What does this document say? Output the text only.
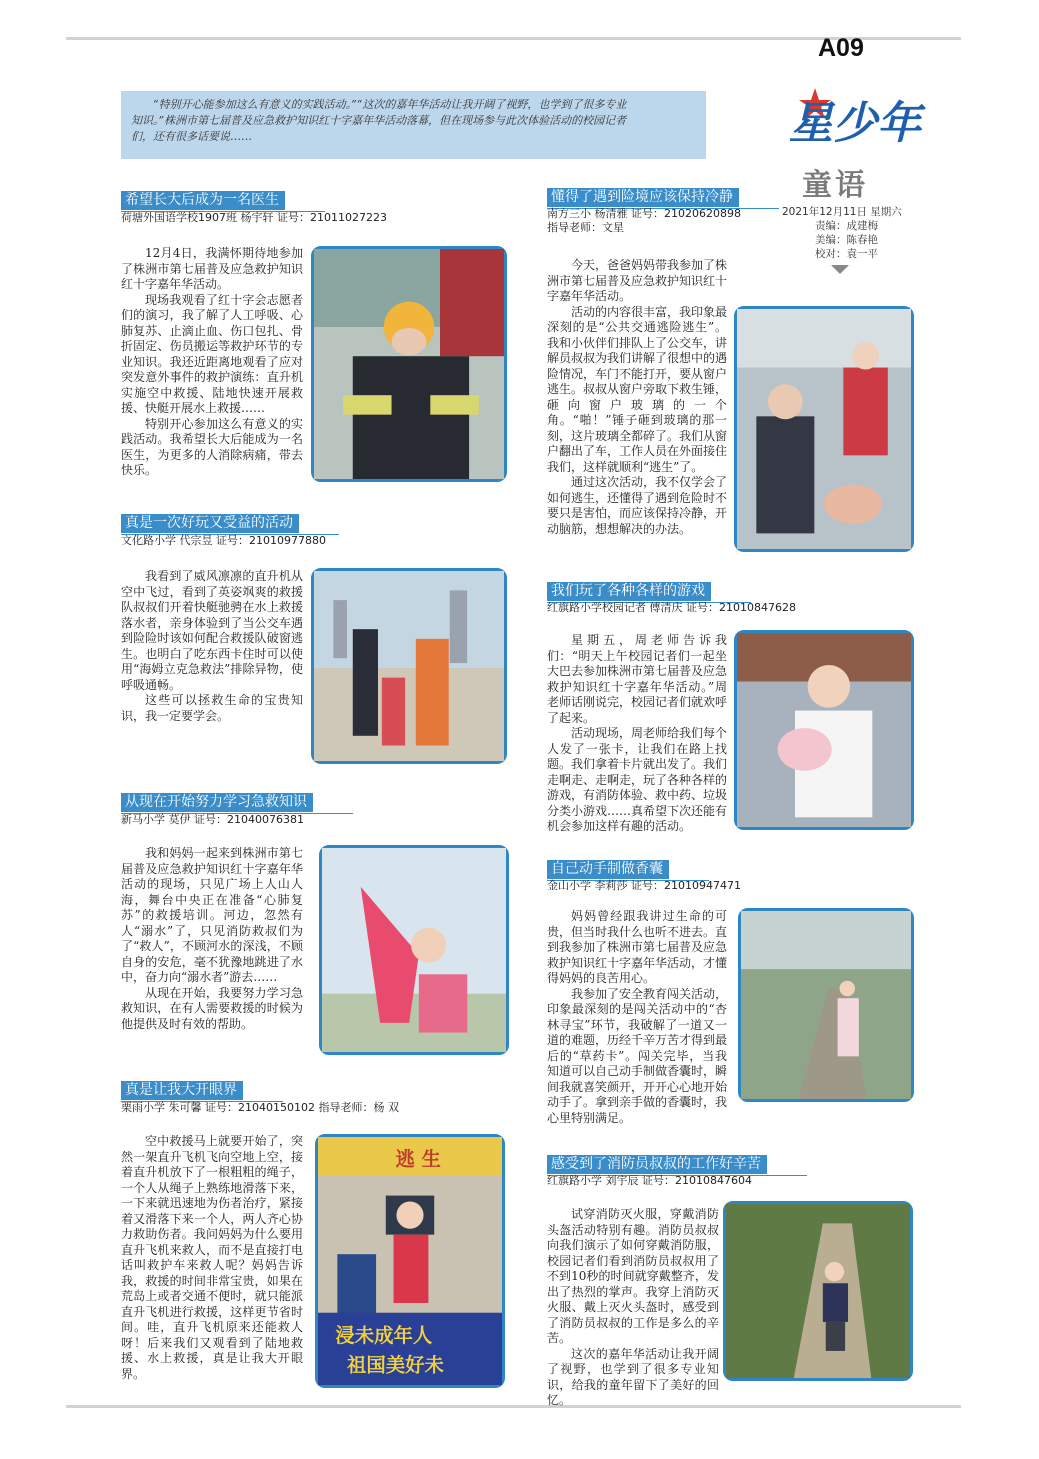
A09
星少年
童语
2021年12月11日 星期六
责编：成建梅
美编：陈春艳
校对：袁一平
“特别开心能参加这么有意义的实践活动。”“这次的嘉年华活动让我开阔了视野，也学到了很多专业
知识。”株洲市第七届普及应急救护知识红十字嘉年华活动落幕，但在现场参与此次体验活动的校园记者
们，还有很多话要说……
希望长大后成为一名医生
荷塘外国语学校1907班 杨宇轩 证号：21011027223

12月4日，我满怀期待地参加了株洲市第七届普及应急救护知识红十字嘉年华活动。

现场我观看了红十字会志愿者们的演习，我了解了人工呼吸、心肺复苏、止滴止血、伤口包扎、骨折固定、伤员搬运等救护环节的专业知识。我还近距离地观看了应对突发意外事件的救护演练：直升机实施空中救援、陆地快速开展救援、快艇开展水上救援……

特别开心参加这么有意义的实践活动。我希望长大后能成为一名医生，为更多的人消除病痛，带去快乐。

真是一次好玩又受益的活动
文化路小学 代宗昱 证号：21010977880

我看到了威风凛凛的直升机从空中飞过，看到了英姿飒爽的救援队叔叔们开着快艇驰骋在水上救援落水者，亲身体验到了当公交车遇到险险时该如何配合救援队破窗逃生。也明白了吃东西卡住时可以使用“海姆立克急救法”排除异物，使呼吸通畅。

这些可以拯救生命的宝贵知识，我一定要学会。

从现在开始努力学习急救知识
新马小学 莫伊 证号：21040076381

我和妈妈一起来到株洲市第七届普及应急救护知识红十字嘉年华活动的现场，只见广场上人山人海，舞台中央正在准备“心肺复苏”的救援培训。河边，忽然有人“溺水”了，只见消防救叔们为了“救人”，不顾河水的深浅，不顾自身的安危，毫不犹豫地跳进了水中，奋力向“溺水者”游去……

从现在开始，我要努力学习急救知识，在有人需要救援的时候为他提供及时有效的帮助。

真是让我大开眼界
栗雨小学 朱可馨 证号：21040150102 指导老师：杨 双

空中救援马上就要开始了，突然一架直升飞机飞向空地上空，接着直升机放下了一根粗粗的绳子，一个人从绳子上熟练地滑落下来，一下来就迅速地为伤者治疗，紧接着又滑落下来一个人，两人齐心协力救助伤者。我问妈妈为什么要用直升飞机来救人，而不是直接打电话叫救护车来救人呢？妈妈告诉我，救援的时间非常宝贵，如果在荒岛上或者交通不便时，就只能派直升飞机进行救援，这样更节省时间。哇，直升飞机原来还能救人呀！后来我们又观看到了陆地救援、水上救援，真是让我大开眼界。

逃 生
浸未成年人
祖国美好未
懂得了遇到险境应该保持冷静
南方三小 杨清雅 证号：21020620898
指导老师：文星

今天，爸爸妈妈带我参加了株洲市第七届普及应急救护知识红十字嘉年华活动。

活动的内容很丰富，我印象最深刻的是“公共交通逃险逃生”。我和小伙伴们排队上了公交车，讲解员叔叔为我们讲解了很想中的遇险情况，车门不能打开，要从窗户逃生。叔叔从窗户旁取下救生锤，砸向窗户玻璃的一个角。“啪！”锤子砸到玻璃的那一刻，这片玻璃全都碎了。我们从窗户翻出了车，工作人员在外面接住我们，这样就顺利“逃生”了。

通过这次活动，我不仅学会了如何逃生，还懂得了遇到危险时不要只是害怕，而应该保持冷静，开动脑筋，想想解决的办法。

我们玩了各种各样的游戏
红旗路小学校园记者 傅清庆 证号：21010847628

星期五，周老师告诉我们：“明天上午校园记者们一起坐大巴去参加株洲市第七届普及应急救护知识红十字嘉年华活动。”周老师话刚说完，校园记者们就欢呼了起来。

活动现场，周老师给我们每个人发了一张卡，让我们在路上找题。我们拿着卡片就出发了。我们走啊走、走啊走，玩了各种各样的游戏，有消防体验、救中药、垃圾分类小游戏……真希望下次还能有机会参加这样有趣的活动。

自己动手制做香囊
金山小学 李莉莎 证号：21010947471

妈妈曾经跟我讲过生命的可贵，但当时我什么也听不进去。直到我参加了株洲市第七届普及应急救护知识红十字嘉年华活动，才懂得妈妈的良苦用心。

我参加了安全教育闯关活动，印象最深刻的是闯关活动中的“杏林寻宝”环节，我破解了一道又一道的难题，历经千辛万苦才得到最后的“草药卡”。闯关完毕，当我知道可以自己动手制做香囊时，瞬间我就喜笑颜开，开开心心地开始动手了。拿到亲手做的香囊时，我心里特别满足。

感受到了消防员叔叔的工作好辛苦
红旗路小学 刘宇辰 证号：21010847604

试穿消防灭火服，穿戴消防头盔活动特别有趣。消防员叔叔向我们演示了如何穿戴消防服，校园记者们看到消防员叔叔用了不到10秒的时间就穿戴整齐，发出了热烈的掌声。我穿上消防灭火服、戴上灭火头盔时，感受到了消防员叔叔的工作是多么的辛苦。

这次的嘉年华活动让我开阔了视野，也学到了很多专业知识，给我的童年留下了美好的回忆。
